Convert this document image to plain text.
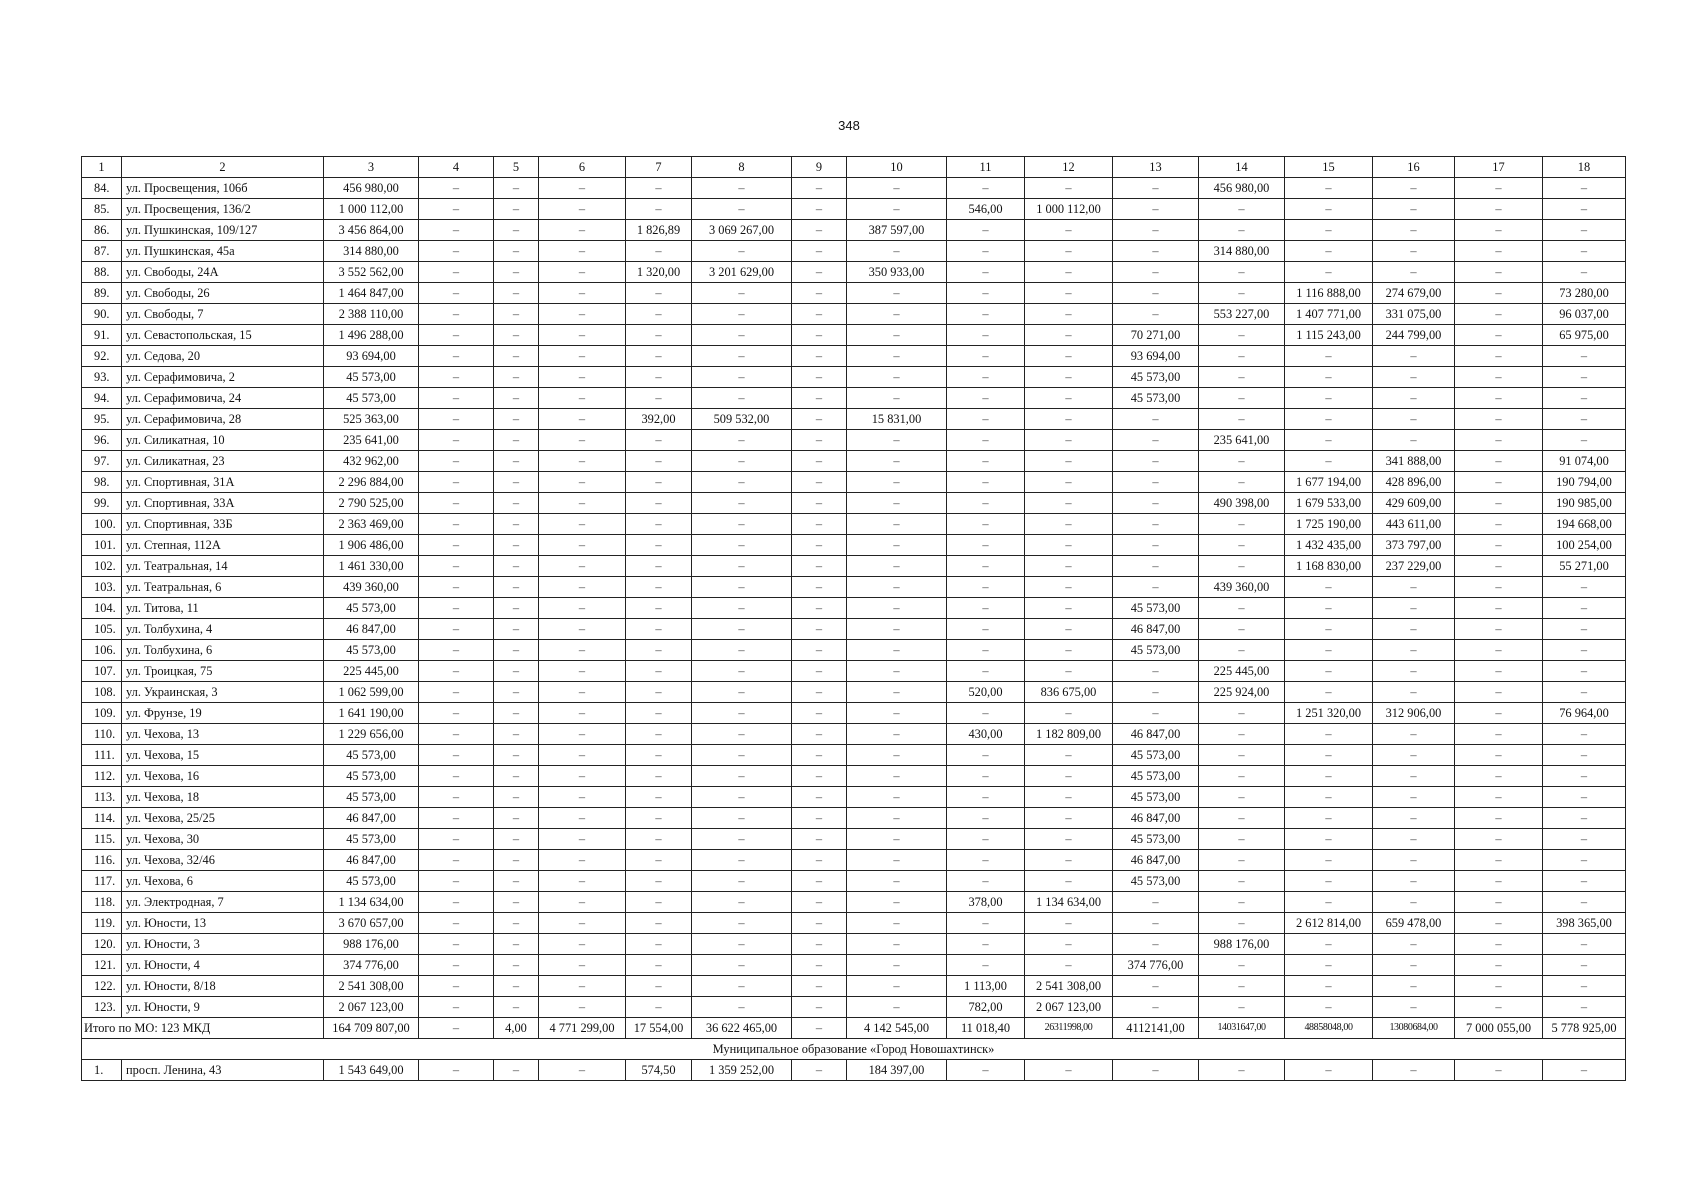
348
1	2	3	4	5	6	7	8	9	10	11	12	13	14	15	16	17	18
84.	ул. Просвещения, 106б	456 980,00	–	–	–	–	–	–	–	–	–	–	456 980,00	–	–	–	–
85.	ул. Просвещения, 136/2	1 000 112,00	–	–	–	–	–	–	–	546,00	1 000 112,00	–	–	–	–	–	–
86.	ул. Пушкинская, 109/127	3 456 864,00	–	–	–	1 826,89	3 069 267,00	–	387 597,00	–	–	–	–	–	–	–	–
87.	ул. Пушкинская, 45а	314 880,00	–	–	–	–	–	–	–	–	–	–	314 880,00	–	–	–	–
88.	ул. Свободы, 24А	3 552 562,00	–	–	–	1 320,00	3 201 629,00	–	350 933,00	–	–	–	–	–	–	–	–
89.	ул. Свободы, 26	1 464 847,00	–	–	–	–	–	–	–	–	–	–	–	1 116 888,00	274 679,00	–	73 280,00
90.	ул. Свободы, 7	2 388 110,00	–	–	–	–	–	–	–	–	–	–	553 227,00	1 407 771,00	331 075,00	–	96 037,00
91.	ул. Севастопольская, 15	1 496 288,00	–	–	–	–	–	–	–	–	–	70 271,00	–	1 115 243,00	244 799,00	–	65 975,00
92.	ул. Седова, 20	93 694,00	–	–	–	–	–	–	–	–	–	93 694,00	–	–	–	–	–
93.	ул. Серафимовича, 2	45 573,00	–	–	–	–	–	–	–	–	–	45 573,00	–	–	–	–	–
94.	ул. Серафимовича, 24	45 573,00	–	–	–	–	–	–	–	–	–	45 573,00	–	–	–	–	–
95.	ул. Серафимовича, 28	525 363,00	–	–	–	392,00	509 532,00	–	15 831,00	–	–	–	–	–	–	–	–
96.	ул. Силикатная, 10	235 641,00	–	–	–	–	–	–	–	–	–	–	235 641,00	–	–	–	–
97.	ул. Силикатная, 23	432 962,00	–	–	–	–	–	–	–	–	–	–	–	–	341 888,00	–	91 074,00
98.	ул. Спортивная, 31А	2 296 884,00	–	–	–	–	–	–	–	–	–	–	–	1 677 194,00	428 896,00	–	190 794,00
99.	ул. Спортивная, 33А	2 790 525,00	–	–	–	–	–	–	–	–	–	–	490 398,00	1 679 533,00	429 609,00	–	190 985,00
100.	ул. Спортивная, 33Б	2 363 469,00	–	–	–	–	–	–	–	–	–	–	–	1 725 190,00	443 611,00	–	194 668,00
101.	ул. Степная, 112А	1 906 486,00	–	–	–	–	–	–	–	–	–	–	–	1 432 435,00	373 797,00	–	100 254,00
102.	ул. Театральная, 14	1 461 330,00	–	–	–	–	–	–	–	–	–	–	–	1 168 830,00	237 229,00	–	55 271,00
103.	ул. Театральная, 6	439 360,00	–	–	–	–	–	–	–	–	–	–	439 360,00	–	–	–	–
104.	ул. Титова, 11	45 573,00	–	–	–	–	–	–	–	–	–	45 573,00	–	–	–	–	–
105.	ул. Толбухина, 4	46 847,00	–	–	–	–	–	–	–	–	–	46 847,00	–	–	–	–	–
106.	ул. Толбухина, 6	45 573,00	–	–	–	–	–	–	–	–	–	45 573,00	–	–	–	–	–
107.	ул. Троицкая, 75	225 445,00	–	–	–	–	–	–	–	–	–	–	225 445,00	–	–	–	–
108.	ул. Украинская, 3	1 062 599,00	–	–	–	–	–	–	–	520,00	836 675,00	–	225 924,00	–	–	–	–
109.	ул. Фрунзе, 19	1 641 190,00	–	–	–	–	–	–	–	–	–	–	–	1 251 320,00	312 906,00	–	76 964,00
110.	ул. Чехова, 13	1 229 656,00	–	–	–	–	–	–	–	430,00	1 182 809,00	46 847,00	–	–	–	–	–
111.	ул. Чехова, 15	45 573,00	–	–	–	–	–	–	–	–	–	45 573,00	–	–	–	–	–
112.	ул. Чехова, 16	45 573,00	–	–	–	–	–	–	–	–	–	45 573,00	–	–	–	–	–
113.	ул. Чехова, 18	45 573,00	–	–	–	–	–	–	–	–	–	45 573,00	–	–	–	–	–
114.	ул. Чехова, 25/25	46 847,00	–	–	–	–	–	–	–	–	–	46 847,00	–	–	–	–	–
115.	ул. Чехова, 30	45 573,00	–	–	–	–	–	–	–	–	–	45 573,00	–	–	–	–	–
116.	ул. Чехова, 32/46	46 847,00	–	–	–	–	–	–	–	–	–	46 847,00	–	–	–	–	–
117.	ул. Чехова, 6	45 573,00	–	–	–	–	–	–	–	–	–	45 573,00	–	–	–	–	–
118.	ул. Электродная, 7	1 134 634,00	–	–	–	–	–	–	–	378,00	1 134 634,00	–	–	–	–	–	–
119.	ул. Юности, 13	3 670 657,00	–	–	–	–	–	–	–	–	–	–	–	2 612 814,00	659 478,00	–	398 365,00
120.	ул. Юности, 3	988 176,00	–	–	–	–	–	–	–	–	–	–	988 176,00	–	–	–	–
121.	ул. Юности, 4	374 776,00	–	–	–	–	–	–	–	–	–	374 776,00	–	–	–	–	–
122.	ул. Юности, 8/18	2 541 308,00	–	–	–	–	–	–	–	1 113,00	2 541 308,00	–	–	–	–	–	–
123.	ул. Юности, 9	2 067 123,00	–	–	–	–	–	–	–	782,00	2 067 123,00	–	–	–	–	–	–
Итого по МО: 123 МКД		164 709 807,00	–	4,00	4 771 299,00	17 554,00	36 622 465,00	–	4 142 545,00	11 018,40	26311998,00	4112141,00	14031647,00	48858048,00	13080684,00	7 000 055,00	5 778 925,00
Муниципальное образование «Город Новошахтинск»																	
1.	просп. Ленина, 43	1 543 649,00	–	–	–	574,50	1 359 252,00	–	184 397,00	–	–	–	–	–	–	–	–
